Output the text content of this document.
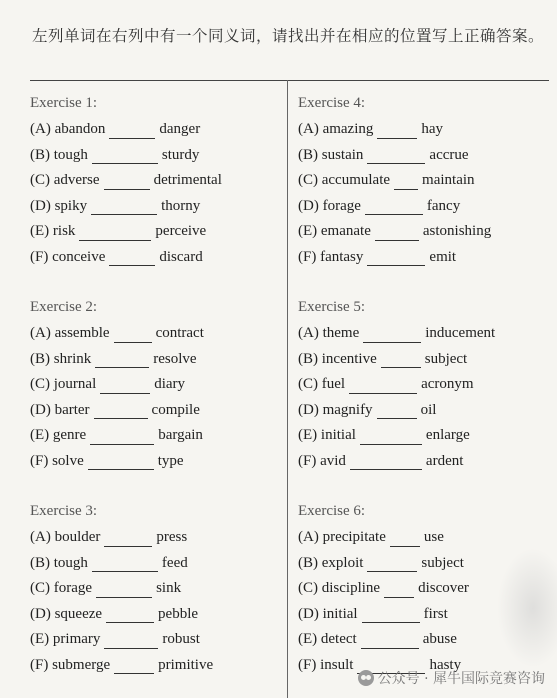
左列单词在右列中有一个同义词，请找出并在相应的位置写上正确答案。
Exercise 1:
(A) abandon	danger
(B) tough	sturdy
(C) adverse	detrimental
(D) spiky	thorny
(E) risk	perceive
(F) conceive	discard
Exercise 2:
(A) assemble	contract
(B) shrink	resolve
(C) journal	diary
(D) barter	compile
(E) genre	bargain
(F) solve	type
Exercise 3:
(A) boulder	press
(B) tough	feed
(C) forage	sink
(D) squeeze	pebble
(E) primary	robust
(F) submerge	primitive
Exercise 4:
(A) amazing	hay
(B) sustain	accrue
(C) accumulate maintain
(D) forage	fancy
(E) emanate	astonishing
(F) fantasy	emit
Exercise 5:
(A) theme	inducement
(B) incentive	subject
(C) fuel	acronym
(D) magnify	oil
(E) initial	enlarge
(F) avid	ardent
Exercise 6:
(A) precipitate	use
(B) exploit	subject
(C) discipline	discover
(D) initial	first
(E) detect	abuse
(F) insult	hasty
公众号 · 犀牛国际竞赛咨询
